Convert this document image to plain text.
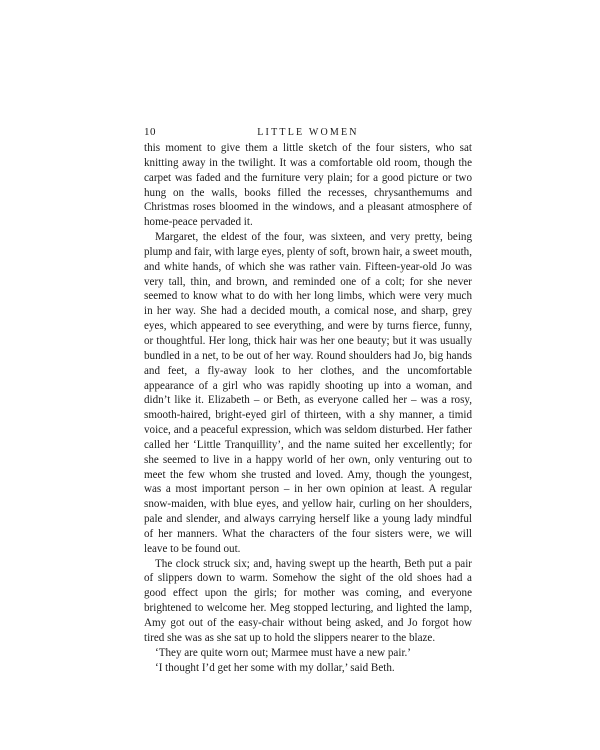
10	LITTLE WOMEN

this moment to give them a little sketch of the four sisters, who sat knitting away in the twilight. It was a comfortable old room, though the carpet was faded and the furniture very plain; for a good picture or two hung on the walls, books filled the recesses, chrysanthemums and Christmas roses bloomed in the windows, and a pleasant atmosphere of home-peace pervaded it.

Margaret, the eldest of the four, was sixteen, and very pretty, being plump and fair, with large eyes, plenty of soft, brown hair, a sweet mouth, and white hands, of which she was rather vain. Fifteen-year-old Jo was very tall, thin, and brown, and reminded one of a colt; for she never seemed to know what to do with her long limbs, which were very much in her way. She had a decided mouth, a comical nose, and sharp, grey eyes, which appeared to see everything, and were by turns fierce, funny, or thoughtful. Her long, thick hair was her one beauty; but it was usually bundled in a net, to be out of her way. Round shoulders had Jo, big hands and feet, a fly-away look to her clothes, and the uncomfortable appearance of a girl who was rapidly shooting up into a woman, and didn’t like it. Elizabeth – or Beth, as everyone called her – was a rosy, smooth-haired, bright-eyed girl of thirteen, with a shy manner, a timid voice, and a peaceful expression, which was seldom disturbed. Her father called her ‘Little Tranquillity’, and the name suited her excellently; for she seemed to live in a happy world of her own, only venturing out to meet the few whom she trusted and loved. Amy, though the youngest, was a most important person – in her own opinion at least. A regular snow-maiden, with blue eyes, and yellow hair, curling on her shoulders, pale and slender, and always carrying herself like a young lady mindful of her manners. What the characters of the four sisters were, we will leave to be found out.

The clock struck six; and, having swept up the hearth, Beth put a pair of slippers down to warm. Somehow the sight of the old shoes had a good effect upon the girls; for mother was coming, and everyone brightened to welcome her. Meg stopped lecturing, and lighted the lamp, Amy got out of the easy-chair without being asked, and Jo forgot how tired she was as she sat up to hold the slippers nearer to the blaze.

‘They are quite worn out; Marmee must have a new pair.’

‘I thought I’d get her some with my dollar,’ said Beth.
